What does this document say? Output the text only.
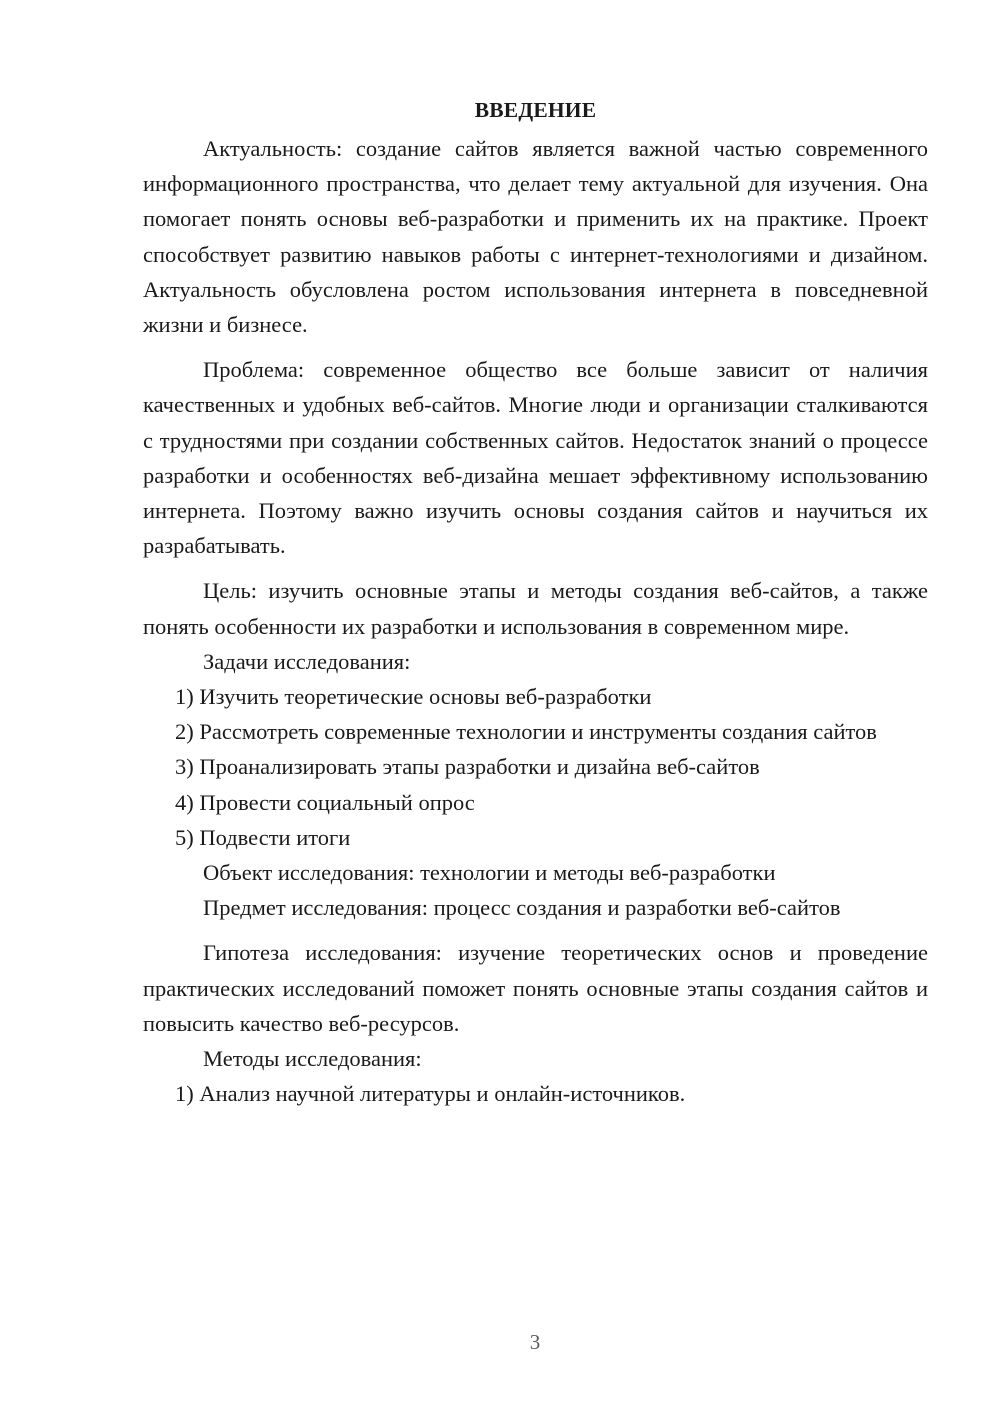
ВВЕДЕНИЕ

Актуальность: создание сайтов является важной частью современного информационного пространства, что делает тему актуальной для изучения. Она помогает понять основы веб-разработки и применить их на практике. Проект способствует развитию навыков работы с интернет-технологиями и дизайном. Актуальность обусловлена ростом использования интернета в повседневной жизни и бизнесе.

Проблема: современное общество все больше зависит от наличия качественных и удобных веб-сайтов. Многие люди и организации сталкиваются с трудностями при создании собственных сайтов. Недостаток знаний о процессе разработки и особенностях веб-дизайна мешает эффективному использованию интернета. Поэтому важно изучить основы создания сайтов и научиться их разрабатывать.

Цель: изучить основные этапы и методы создания веб-сайтов, а также понять особенности их разработки и использования в современном мире.

Задачи исследования:

1) Изучить теоретические основы веб-разработки

2) Рассмотреть современные технологии и инструменты создания сайтов

3) Проанализировать этапы разработки и дизайна веб-сайтов

4) Провести социальный опрос

5) Подвести итоги

Объект исследования: технологии и методы веб-разработки

Предмет исследования: процесс создания и разработки веб-сайтов

Гипотеза исследования: изучение теоретических основ и проведение практических исследований поможет понять основные этапы создания сайтов и повысить качество веб-ресурсов.

Методы исследования:

1) Анализ научной литературы и онлайн-источников.

3
